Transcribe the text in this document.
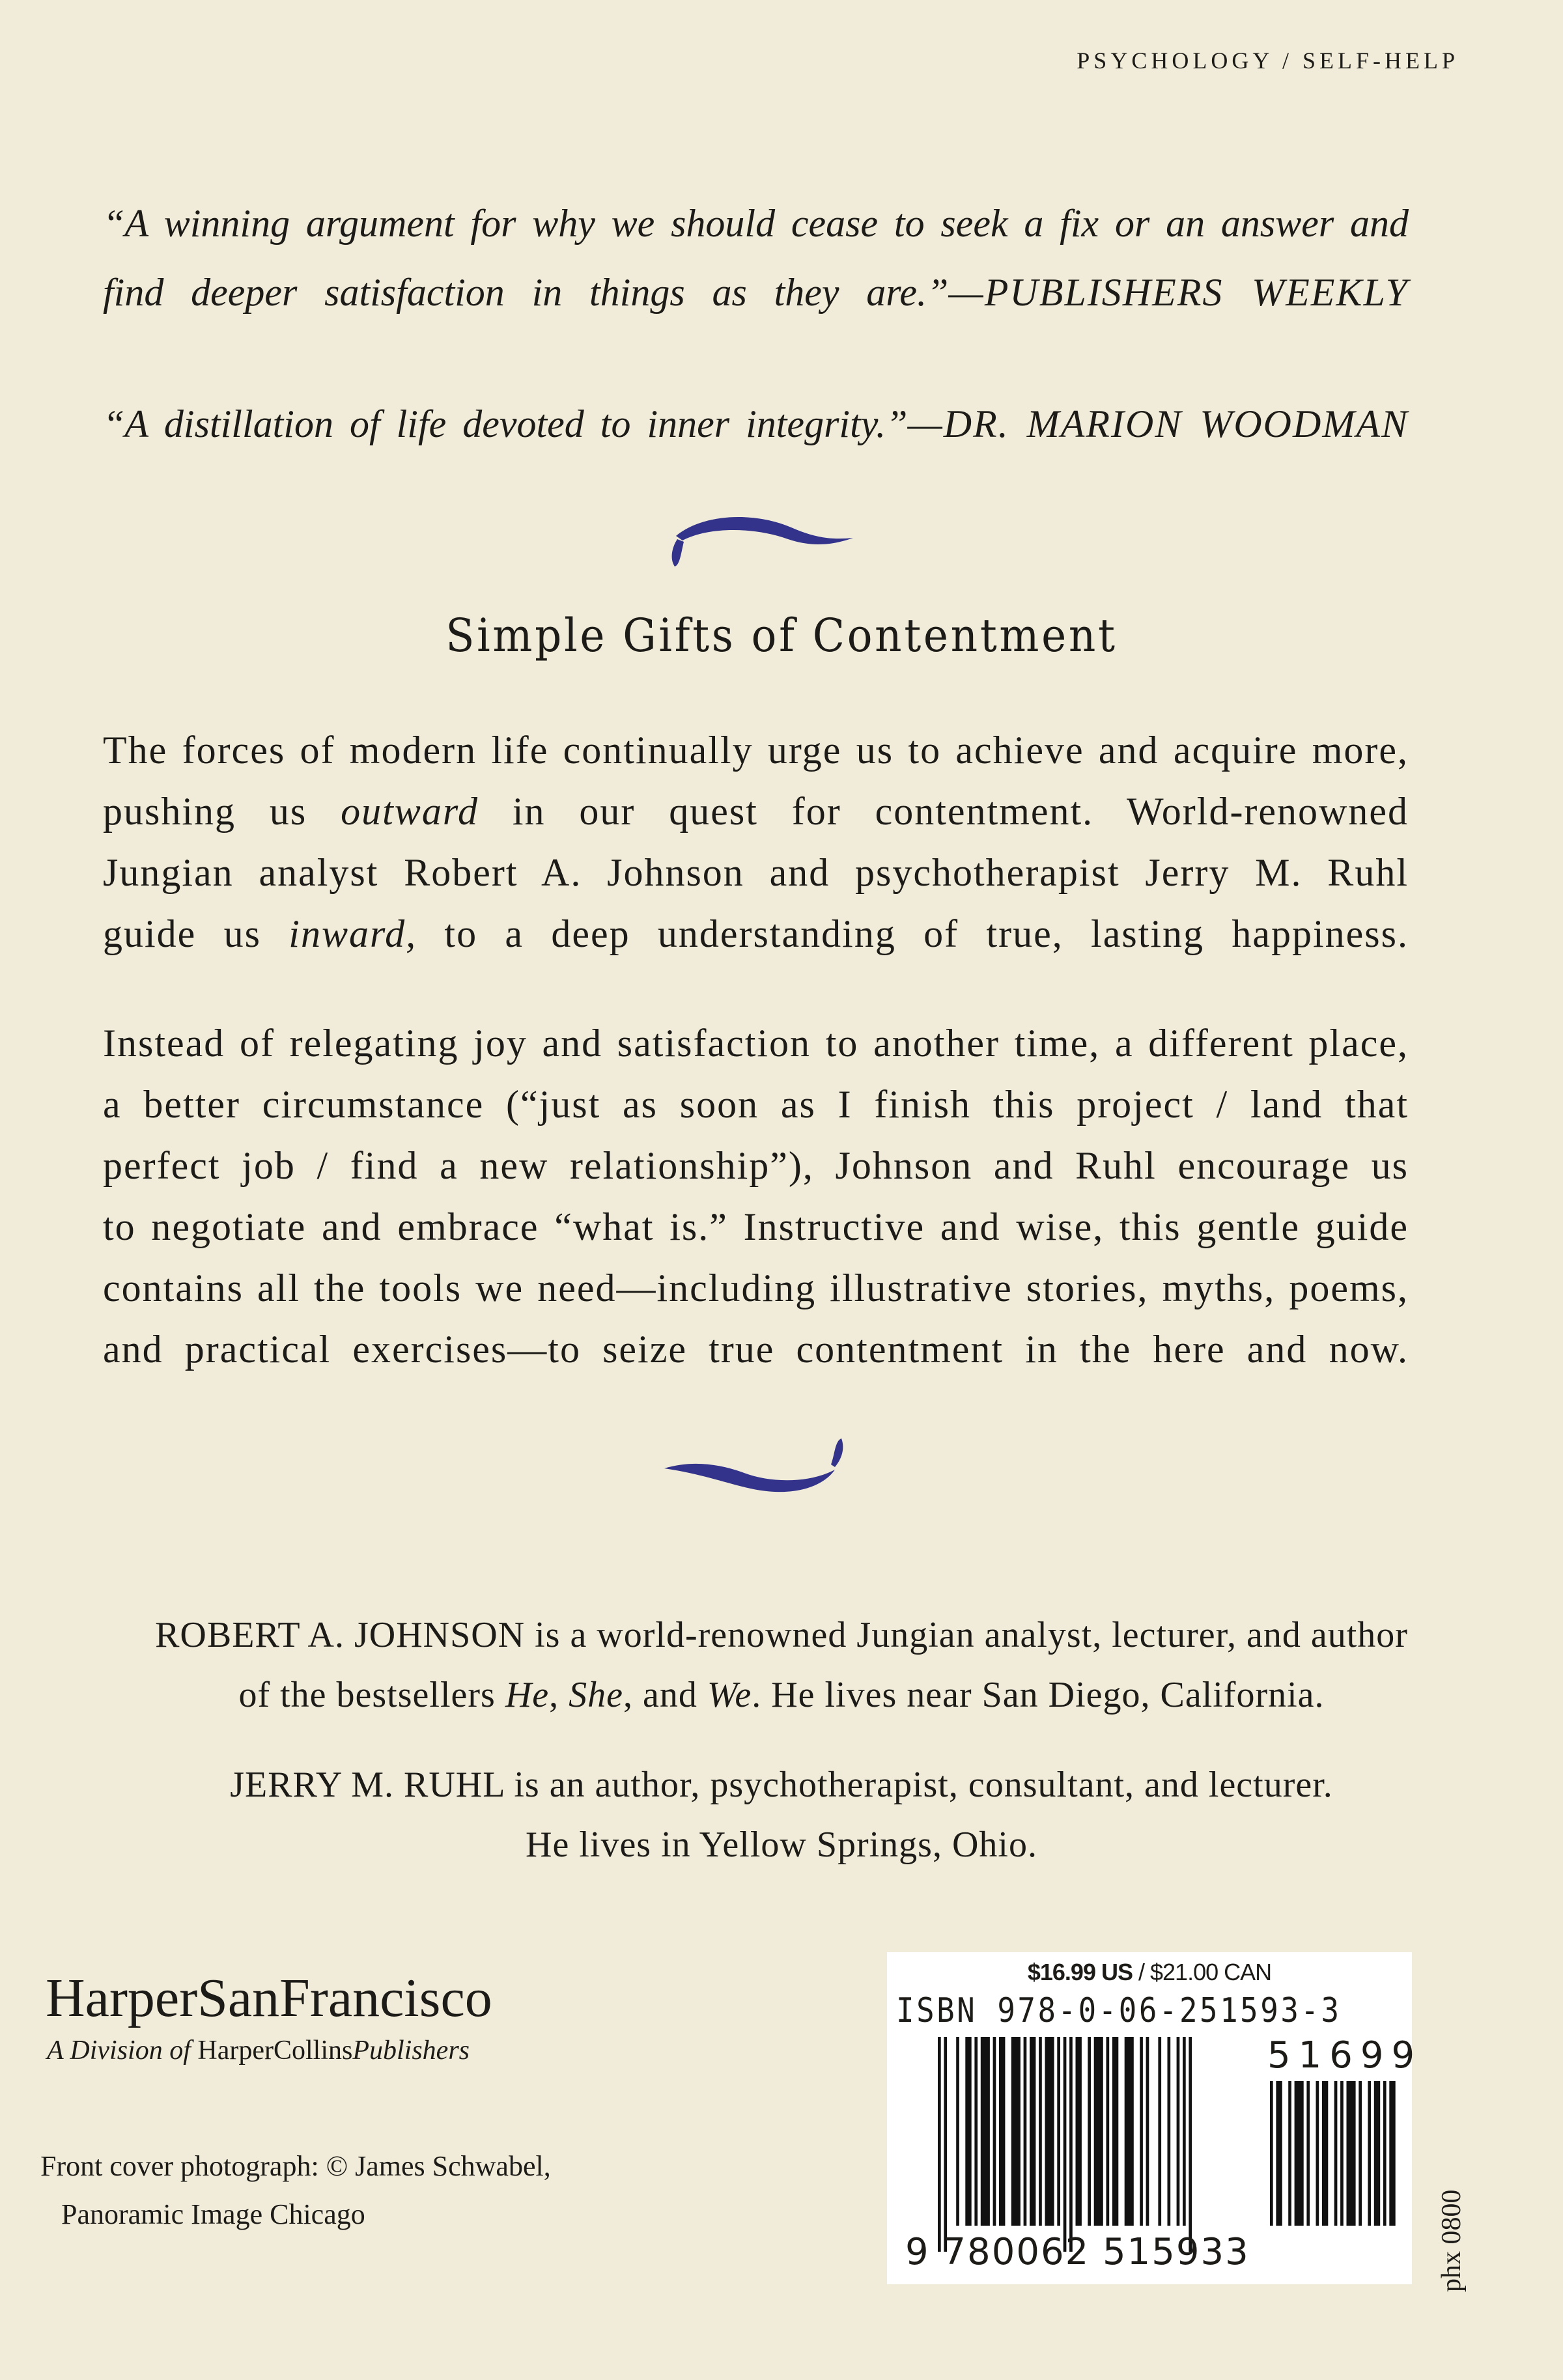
PSYCHOLOGY / SELF-HELP
“A winning argument for why we should cease to seek a fix or an answer and
find deeper satisfaction in things as they are.”—PUBLISHERS WEEKLY
“A distillation of life devoted to inner integrity.”—DR. MARION WOODMAN
Simple Gifts of Contentment
The forces of modern life continually urge us to achieve and acquire more,
pushing us outward in our quest for contentment. World-renowned
Jungian analyst Robert A. Johnson and psychotherapist Jerry M. Ruhl
guide us inward, to a deep understanding of true, lasting happiness.
Instead of relegating joy and satisfaction to another time, a different place,
a better circumstance (“just as soon as I finish this project / land that
perfect job / find a new relationship”), Johnson and Ruhl encourage us
to negotiate and embrace “what is.” Instructive and wise, this gentle guide
contains all the tools we need—including illustrative stories, myths, poems,
and practical exercises—to seize true contentment in the here and now.
ROBERT A. JOHNSON is a world-renowned Jungian analyst, lecturer, and author
of the bestsellers He, She, and We. He lives near San Diego, California.
JERRY M. RUHL is an author, psychotherapist, consultant, and lecturer.
He lives in Yellow Springs, Ohio.
HarperSanFrancisco
A Division of HarperCollinsPublishers
Front cover photograph: © James Schwabel,
Panoramic Image Chicago
$16.99 US / $21.00 CAN
ISBN 978-0-06-251593-3
51699
9 780062 515933	phx 0800
